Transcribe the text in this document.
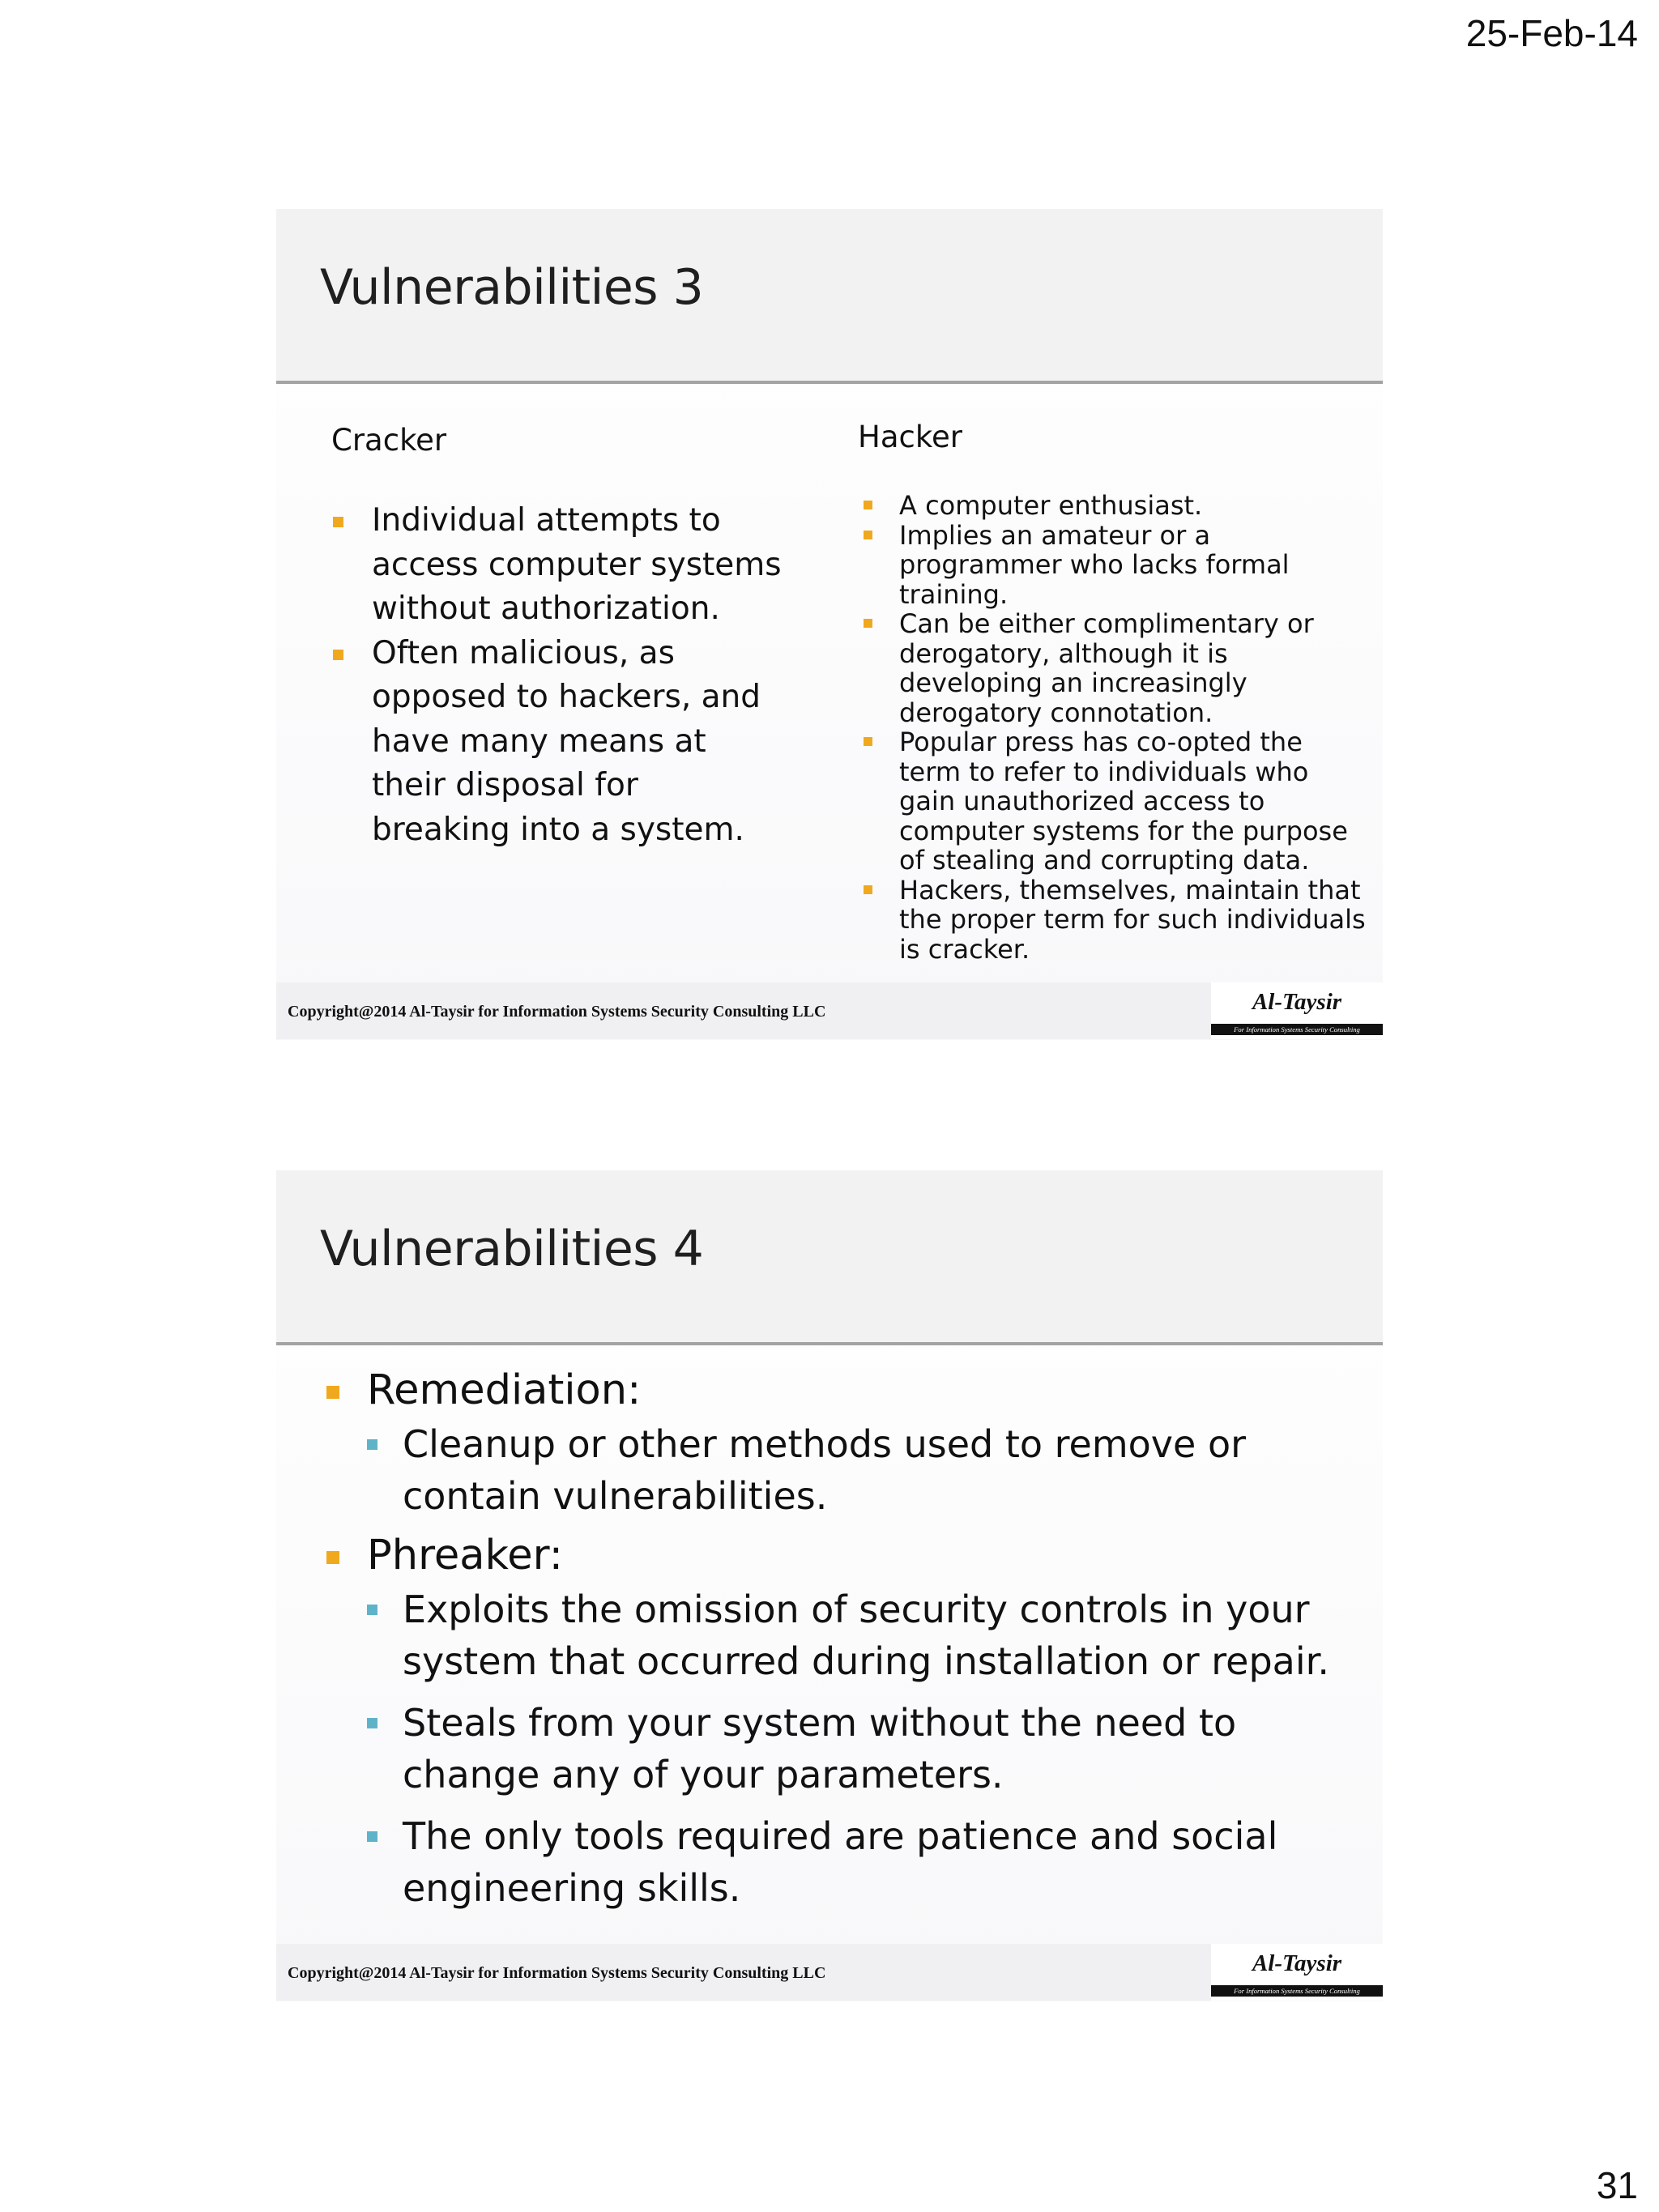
25-Feb-14
Vulnerabilities 3
Cracker	Hacker
Individual attempts to access computer systems without authorization.
Often malicious, as opposed to hackers, and have many means at their disposal for breaking into a system.
A computer enthusiast.
Implies an amateur or a programmer who lacks formal training.
Can be either complimentary or derogatory, although it is developing an increasingly derogatory connotation.
Popular press has co-opted the term to refer to individuals who gain unauthorized access to computer systems for the purpose of stealing and corrupting data.
Hackers, themselves, maintain that the proper term for such individuals is cracker.
Copyright@2014 Al-Taysir for Information Systems Security Consulting LLC	Al-Taysir
For Information Systems Security Consulting
Vulnerabilities 4
Remediation:
Cleanup or other methods used to remove or contain vulnerabilities.
Phreaker:
Exploits the omission of security controls in your system that occurred during installation or repair.
Steals from your system without the need to change any of your parameters.
The only tools required are patience and social engineering skills.
Copyright@2014 Al-Taysir for Information Systems Security Consulting LLC	Al-Taysir
For Information Systems Security Consulting
31
